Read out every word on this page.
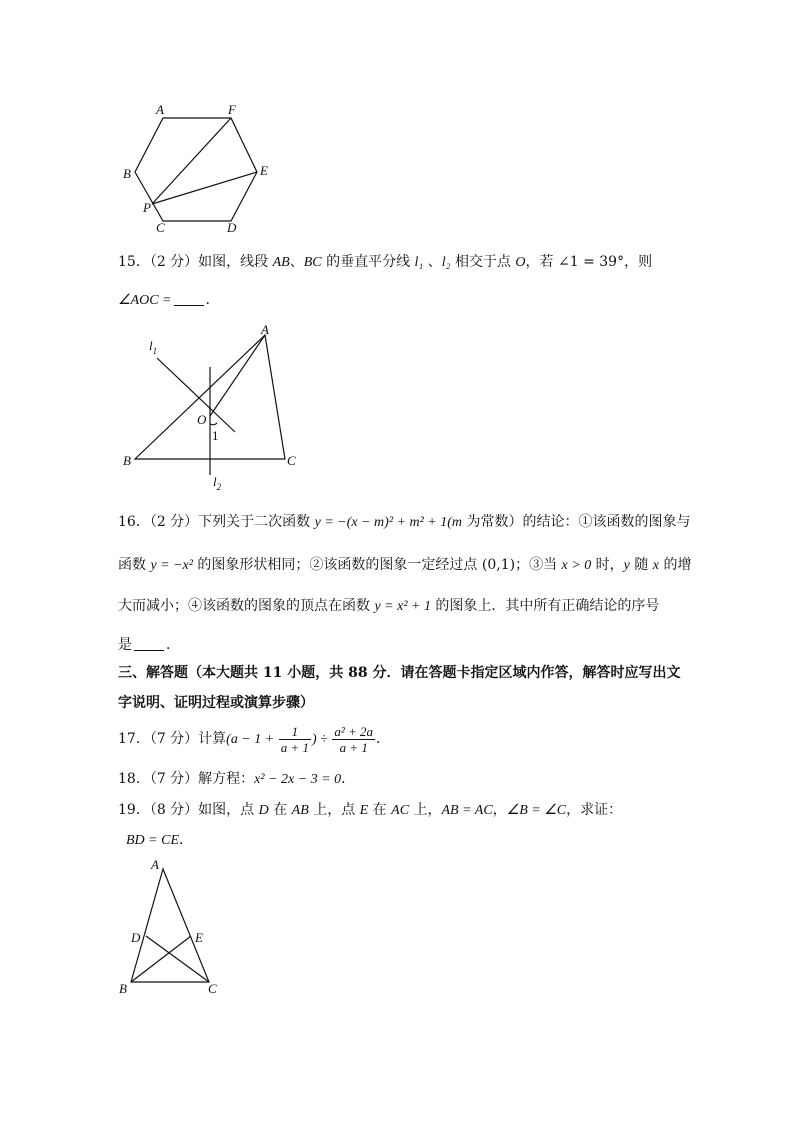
A	F
B	E
P
C	D
15．（2 分）如图，线段 AB、BC 的垂直平分线 l₁ 、l₂ 相交于点 O，若 ∠1 = 39°，则
∠AOC = .
$l_1$
A
O
1
B	C
$l_2$
16．（2 分）下列关于二次函数 y = −(x − m)² + m² + 1(m 为常数）的结论：①该函数的图象与
函数 y = −x² 的图象形状相同；②该函数的图象一定经过点 (0,1)；③当 x > 0 时，y 随 x 的增
大而减小；④该函数的图象的顶点在函数 y = x² + 1 的图象上．其中所有正确结论的序号
是 ．
三、解答题（本大题共 11 小题，共 88 分．请在答题卡指定区域内作答，解答时应写出文
字说明、证明过程或演算步骤）
17．（7 分）计算($a - 1 + \frac{1}{a + 1}$ ) ÷ $\frac{\text{a² + 2a}}{a + 1}$ ．
18．（7 分）解方程：x² − 2x − 3 = 0．
19．（8 分）如图，点 D 在 AB 上，点 E 在 AC 上，AB = AC，∠B = ∠C，求证：
BD = CE．
A
D	E
B	C
